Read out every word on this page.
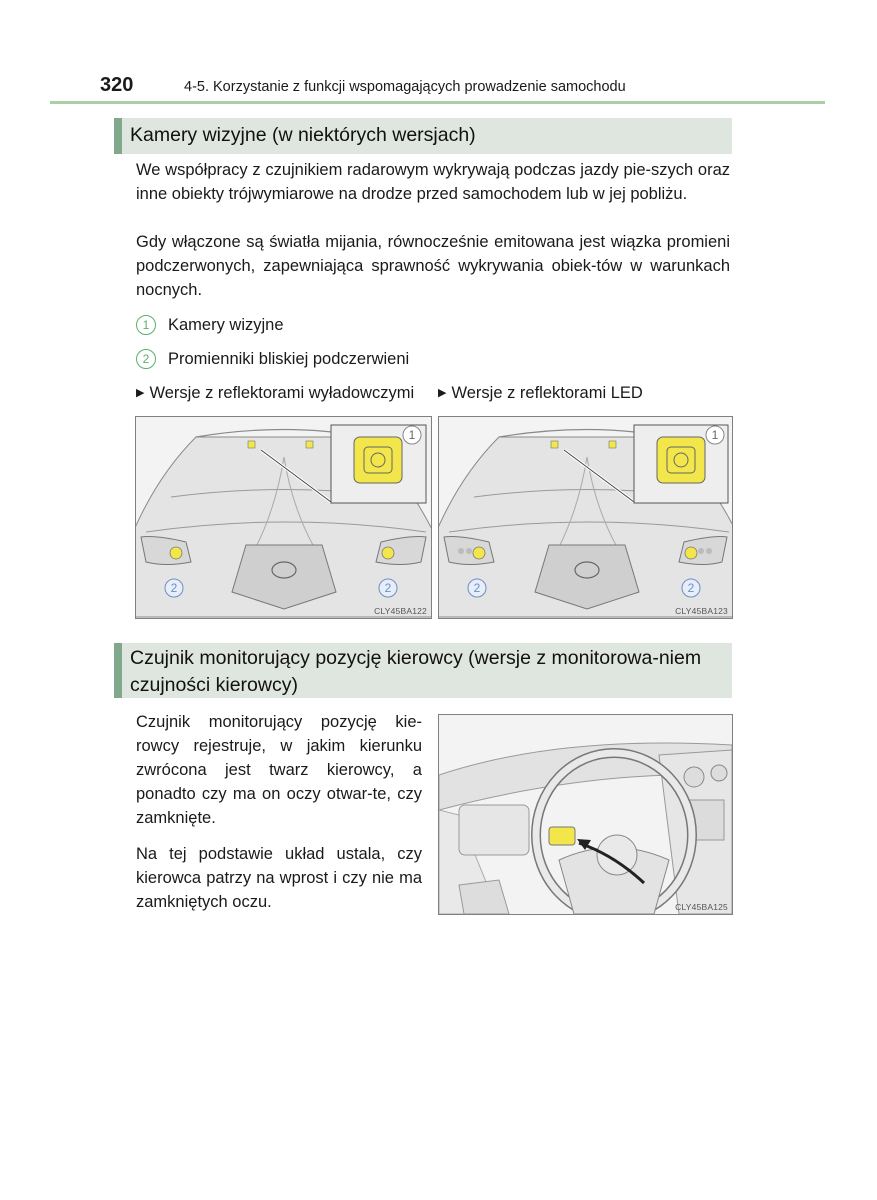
320	4-5. Korzystanie z funkcji wspomagających prowadzenie samochodu
Kamery wizyjne (w niektórych wersjach)
We współpracy z czujnikiem radarowym wykrywają podczas jazdy pie-szych oraz inne obiekty trójwymiarowe na drodze przed samochodem lub w jej pobliżu.
Gdy włączone są światła mijania, równocześnie emitowana jest wiązka promieni podczerwonych, zapewniająca sprawność wykrywania obiek-tów w warunkach nocnych.
1 Kamery wizyjne
2 Promienniki bliskiej podczerwieni
▶ Wersje z reflektorami wyładowczymi ▶ Wersje z reflektorami LED
1
2	2
CLY45BA122
1
2	2
CLY45BA123
Czujnik monitorujący pozycję kierowcy (wersje z monitorowa-niem czujności kierowcy)
Czujnik monitorujący pozycję kie-rowcy rejestruje, w jakim kierunku zwrócona jest twarz kierowcy, a ponadto czy ma on oczy otwar-te, czy zamknięte.
Na tej podstawie układ ustala, czy kierowca patrzy na wprost i czy nie ma zamkniętych oczu.	CLY45BA125
